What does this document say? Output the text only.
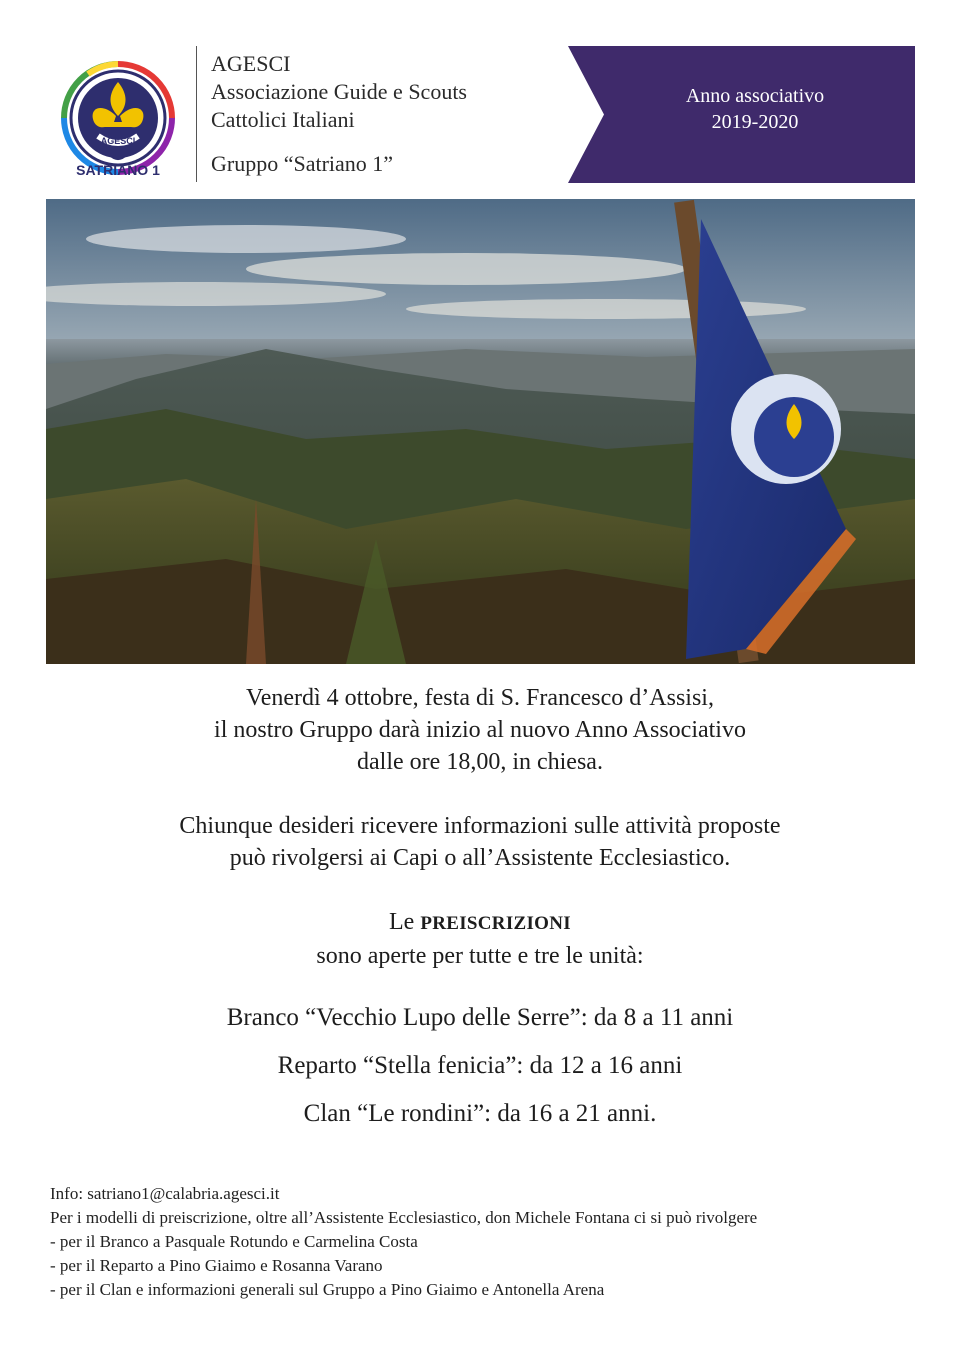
AGESCI
SATRIANO 1
AGESCI
Associazione Guide e Scouts
Cattolici Italiani
Gruppo “Satriano 1”
Anno associativo
2019-2020
Venerdì 4 ottobre, festa di S. Francesco d’Assisi,
il nostro Gruppo darà inizio al nuovo Anno Associativo
dalle ore 18,00, in chiesa.
Chiunque desideri ricevere informazioni sulle attività proposte
può rivolgersi ai Capi o all’Assistente Ecclesiastico.
Le PREISCRIZIONI
sono aperte per tutte e tre le unità:
Branco “Vecchio Lupo delle Serre”: da 8 a 11 anni
Reparto “Stella fenicia”: da 12 a 16 anni
Clan “Le rondini”: da 16 a 21 anni.
Info: satriano1@calabria.agesci.it
Per i modelli di preiscrizione, oltre all’Assistente Ecclesiastico, don Michele Fontana ci si può rivolgere
- per il Branco a Pasquale Rotundo e Carmelina Costa
- per il Reparto a Pino Giaimo e Rosanna Varano
- per il Clan e informazioni generali sul Gruppo a Pino Giaimo e Antonella Arena
